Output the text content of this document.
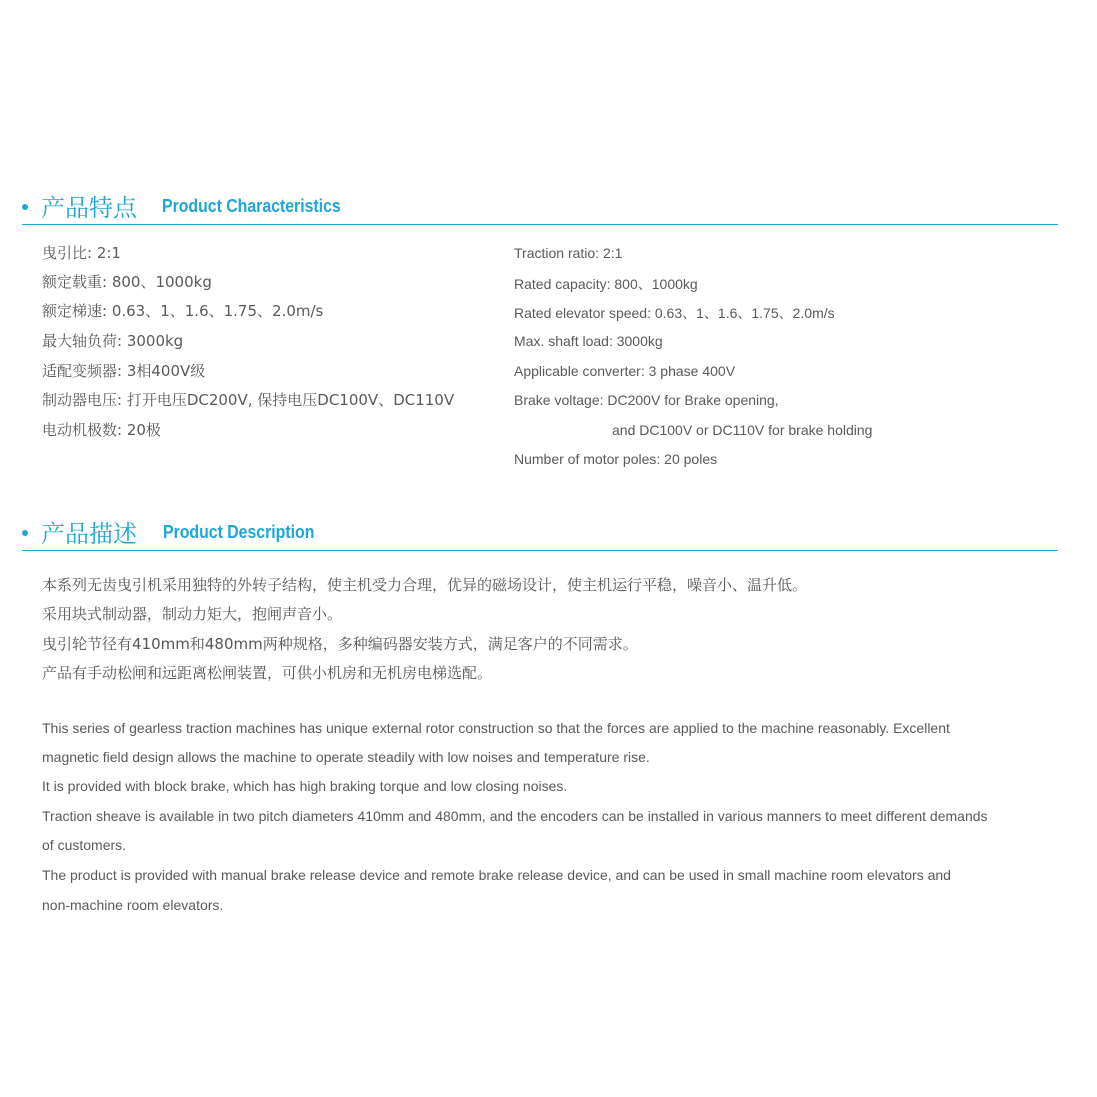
产品特点 Product Characteristics
曳引比: 2:1
额定载重: 800、1000kg
额定梯速: 0.63、1、1.6、1.75、2.0m/s
最大轴负荷: 3000kg
适配变频器: 3相400V级
制动器电压: 打开电压DC200V, 保持电压DC100V、DC110V
电动机极数: 20极
Traction ratio: 2:1
Rated capacity: 800、1000kg
Rated elevator speed: 0.63、1、1.6、1.75、2.0m/s
Max. shaft load: 3000kg
Applicable converter: 3 phase 400V
Brake voltage: DC200V for Brake opening,
and DC100V or DC110V for brake holding
Number of motor poles: 20 poles
产品描述 Product Description
本系列无齿曳引机采用独特的外转子结构，使主机受力合理，优异的磁场设计，使主机运行平稳，噪音小、温升低。
采用块式制动器，制动力矩大，抱闸声音小。
曳引轮节径有410mm和480mm两种规格，多种编码器安装方式，满足客户的不同需求。
产品有手动松闸和远距离松闸装置，可供小机房和无机房电梯选配。
This series of gearless traction machines has unique external rotor construction so that the forces are applied to the machine reasonably. Excellent
magnetic field design allows the machine to operate steadily with low noises and temperature rise.
It is provided with block brake, which has high braking torque and low closing noises.
Traction sheave is available in two pitch diameters 410mm and 480mm, and the encoders can be installed in various manners to meet different demands
of customers.
The product is provided with manual brake release device and remote brake release device, and can be used in small machine room elevators and
non-machine room elevators.
